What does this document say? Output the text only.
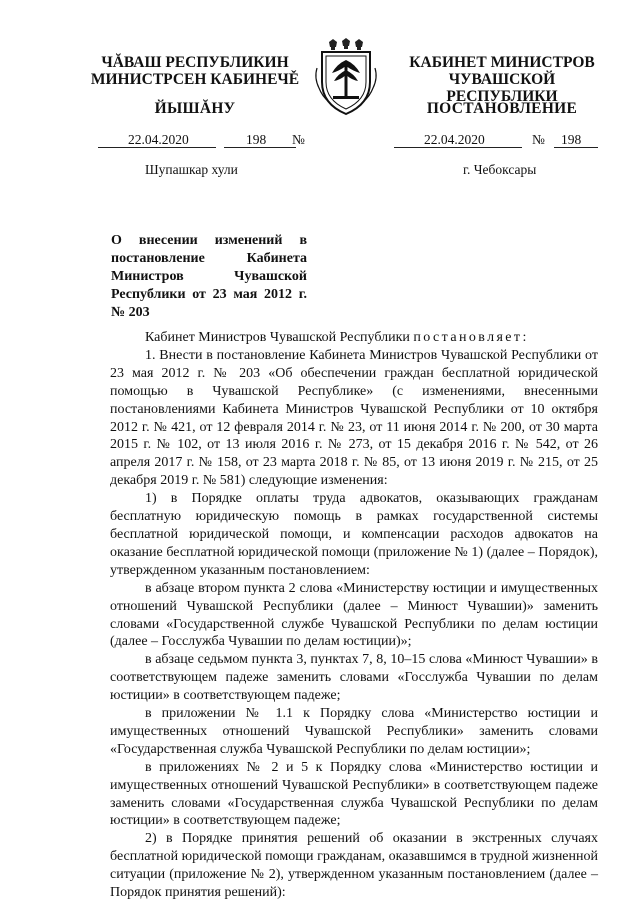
ЧĂВАШ РЕСПУБЛИКИН
МИНИСТРСЕН КАБИНЕЧĚ
ЙЫШĂНУ
КАБИНЕТ МИНИСТРОВ
ЧУВАШСКОЙ РЕСПУБЛИКИ
ПОСТАНОВЛЕНИЕ
22.04.2020	198 №	22.04.2020	№ 198
Шупашкар хули	г. Чебоксары
О внесении изменений в постановление Кабинета Министров Чувашской Республики от 23 мая 2012 г. № 203

Кабинет Министров Чувашской Республики постановляет:

1. Внести в постановление Кабинета Министров Чувашской Республики от 23 мая 2012 г. № 203 «Об обеспечении граждан бесплатной юридической помощью в Чувашской Республике» (с изменениями, внесенными постановлениями Кабинета Министров Чувашской Республики от 10 октября 2012 г. № 421, от 12 февраля 2014 г. № 23, от 11 июня 2014 г. № 200, от 30 марта 2015 г. № 102, от 13 июля 2016 г. № 273, от 15 декабря 2016 г. № 542, от 26 апреля 2017 г. № 158, от 23 марта 2018 г. № 85, от 13 июня 2019 г. № 215, от 25 декабря 2019 г. № 581) следующие изменения:

1) в Порядке оплаты труда адвокатов, оказывающих гражданам бесплатную юридическую помощь в рамках государственной системы бесплатной юридической помощи, и компенсации расходов адвокатов на оказание бесплатной юридической помощи (приложение № 1) (далее – Порядок), утвержденном указанным постановлением:

в абзаце втором пункта 2 слова «Министерству юстиции и имущественных отношений Чувашской Республики (далее – Минюст Чувашии)» заменить словами «Государственной службе Чувашской Республики по делам юстиции (далее – Госслужба Чувашии по делам юстиции)»;

в абзаце седьмом пункта 3, пунктах 7, 8, 10–15 слова «Минюст Чувашии» в соответствующем падеже заменить словами «Госслужба Чувашии по делам юстиции» в соответствующем падеже;

в приложении № 1.1 к Порядку слова «Министерство юстиции и имущественных отношений Чувашской Республики» заменить словами «Государственная служба Чувашской Республики по делам юстиции»;

в приложениях № 2 и 5 к Порядку слова «Министерство юстиции и имущественных отношений Чувашской Республики» в соответствующем падеже заменить словами «Государственная служба Чувашской Республики по делам юстиции» в соответствующем падеже;

2) в Порядке принятия решений об оказании в экстренных случаях бесплатной юридической помощи гражданам, оказавшимся в трудной жизненной ситуации (приложение № 2), утвержденном указанным постановлением (далее – Порядок принятия решений):
